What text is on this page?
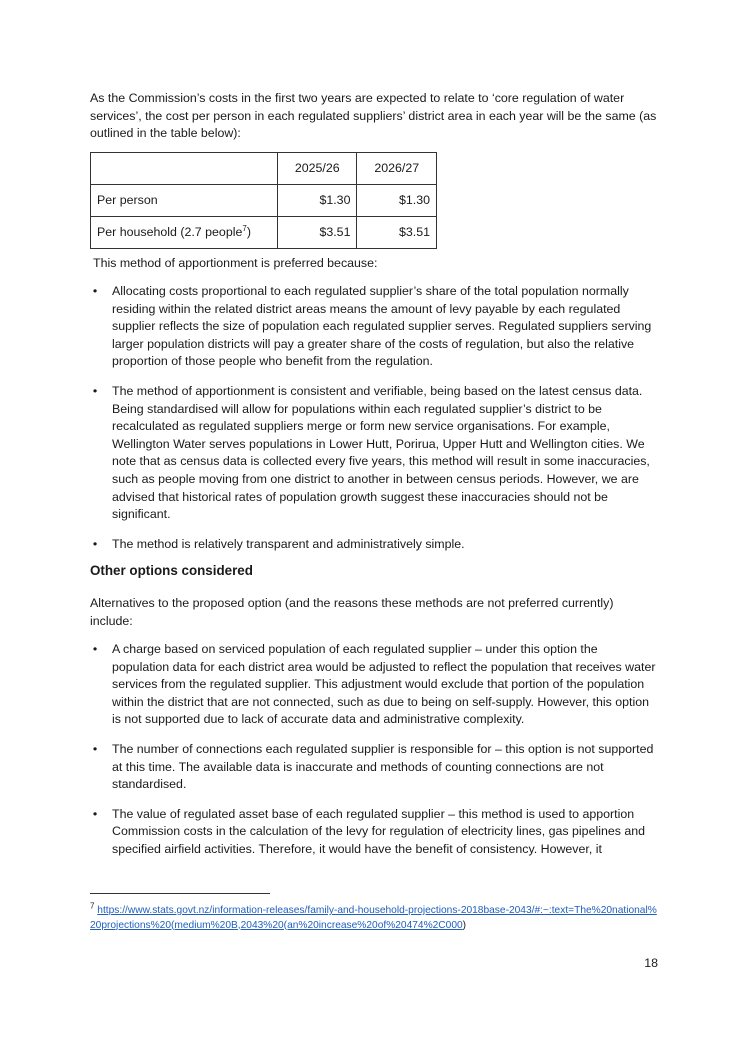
As the Commission’s costs in the first two years are expected to relate to ‘core regulation of water services’, the cost per person in each regulated suppliers’ district area in each year will be the same (as outlined in the table below):

	2025/26	2026/27
Per person	$1.30	$1.30
Per household (2.7 people$^7$)	$3.51	$3.51

This method of apportionment is preferred because:

• Allocating costs proportional to each regulated supplier’s share of the total population normally residing within the related district areas means the amount of levy payable by each regulated supplier reflects the size of population each regulated supplier serves. Regulated suppliers serving larger population districts will pay a greater share of the costs of regulation, but also the relative proportion of those people who benefit from the regulation.
• The method of apportionment is consistent and verifiable, being based on the latest census data. Being standardised will allow for populations within each regulated supplier’s district to be recalculated as regulated suppliers merge or form new service organisations. For example, Wellington Water serves populations in Lower Hutt, Porirua, Upper Hutt and Wellington cities. We note that as census data is collected every five years, this method will result in some inaccuracies, such as people moving from one district to another in between census periods. However, we are advised that historical rates of population growth suggest these inaccuracies should not be significant.
• The method is relatively transparent and administratively simple.
Other options considered

Alternatives to the proposed option (and the reasons these methods are not preferred currently) include:

• A charge based on serviced population of each regulated supplier – under this option the population data for each district area would be adjusted to reflect the population that receives water services from the regulated supplier. This adjustment would exclude that portion of the population within the district that are not connected, such as due to being on self-supply. However, this option is not supported due to lack of accurate data and administrative complexity.
• The number of connections each regulated supplier is responsible for – this option is not supported at this time. The available data is inaccurate and methods of counting connections are not standardised.
• The value of regulated asset base of each regulated supplier – this method is used to apportion Commission costs in the calculation of the levy for regulation of electricity lines, gas pipelines and specified airfield activities. Therefore, it would have the benefit of consistency. However, it

$^7$ https://www.stats.govt.nz/information-releases/family-and-household-projections-2018base-2043/#:~:text=The%20national%20projections%20(medium%20B,2043%20(an%20increase%20of%20474%2C000)

18
